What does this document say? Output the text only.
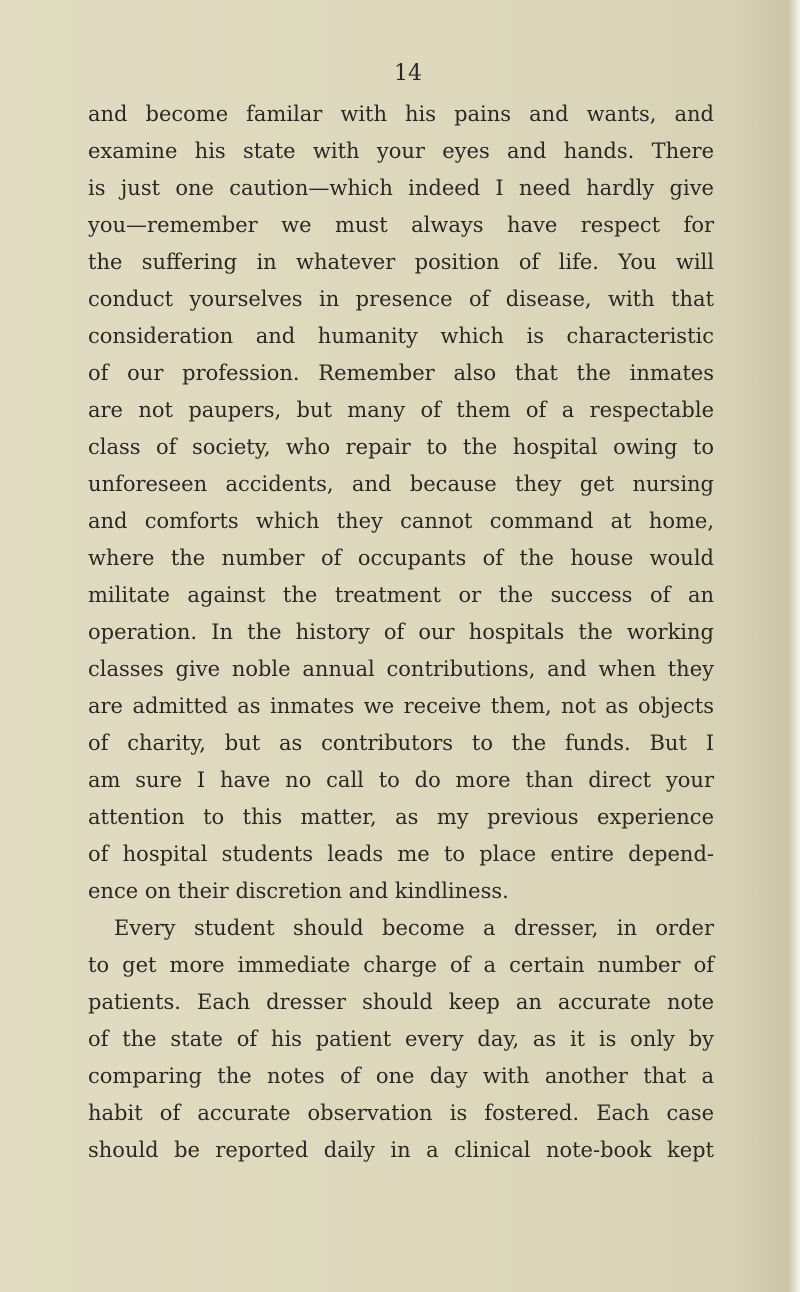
14

and become familar with his pains and wants, and

examine his state with your eyes and hands. There

is just one caution—which indeed I need hardly give

you—remember we must always have respect for

the suffering in whatever position of life. You will

conduct yourselves in presence of disease, with that

consideration and humanity which is characteristic

of our profession. Remember also that the inmates

are not paupers, but many of them of a respectable

class of society, who repair to the hospital owing to

unforeseen accidents, and because they get nursing

and comforts which they cannot command at home,

where the number of occupants of the house would

militate against the treatment or the success of an

operation. In the history of our hospitals the working

classes give noble annual contributions, and when they

are admitted as inmates we receive them, not as objects

of charity, but as contributors to the funds. But I

am sure I have no call to do more than direct your

attention to this matter, as my previous experience

of hospital students leads me to place entire depend-

ence on their discretion and kindliness.

Every student should become a dresser, in order

to get more immediate charge of a certain number of

patients. Each dresser should keep an accurate note

of the state of his patient every day, as it is only by

comparing the notes of one day with another that a

habit of accurate observation is fostered. Each case

should be reported daily in a clinical note-book kept
